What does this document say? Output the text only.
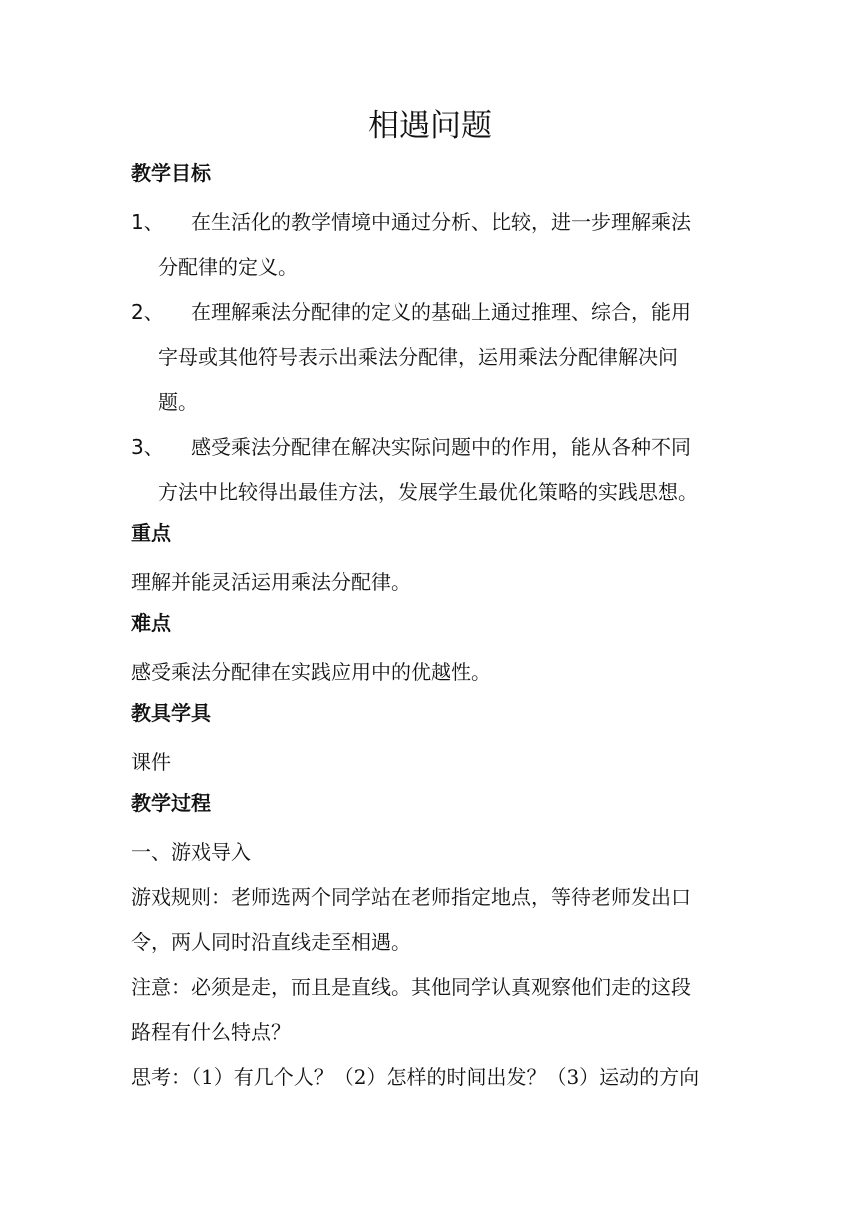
相遇问题
教学目标
1、	在生活化的教学情境中通过分析、比较，进一步理解乘法
分配律的定义。
2、	在理解乘法分配律的定义的基础上通过推理、综合，能用
字母或其他符号表示出乘法分配律，运用乘法分配律解决问
题。
3、	感受乘法分配律在解决实际问题中的作用，能从各种不同
方法中比较得出最佳方法，发展学生最优化策略的实践思想。
重点

理解并能灵活运用乘法分配律。

难点

感受乘法分配律在实践应用中的优越性。

教具学具

课件

教学过程

一、游戏导入

游戏规则：老师选两个同学站在老师指定地点，等待老师发出口

令，两人同时沿直线走至相遇。

注意：必须是走，而且是直线。其他同学认真观察他们走的这段

路程有什么特点？

思考：（1）有几个人？（2）怎样的时间出发？（3）运动的方向
